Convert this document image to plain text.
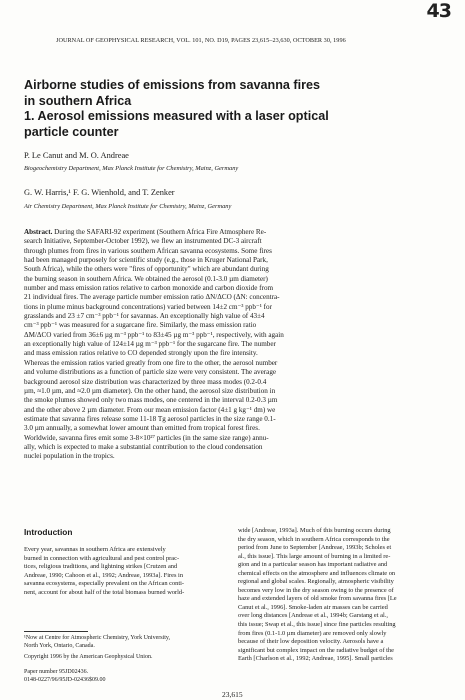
43
JOURNAL OF GEOPHYSICAL RESEARCH, VOL. 101, NO. D19, PAGES 23,615–23,630, OCTOBER 30, 1996
Airborne studies of emissions from savanna fires
in southern Africa
1. Aerosol emissions measured with a laser optical
particle counter
P. Le Canut and M. O. Andreae
Biogeochemistry Department, Max Planck Institute for Chemistry, Mainz, Germany
G. W. Harris,¹ F. G. Wienhold, and T. Zenker
Air Chemistry Department, Max Planck Institute for Chemistry, Mainz, Germany
Abstract. During the SAFARI-92 experiment (Southern Africa Fire Atmosphere Re-
search Initiative, September-October 1992), we flew an instrumented DC-3 aircraft
through plumes from fires in various southern African savanna ecosystems. Some fires
had been managed purposely for scientific study (e.g., those in Kruger National Park,
South Africa), while the others were "fires of opportunity" which are abundant during
the burning season in southern Africa. We obtained the aerosol (0.1-3.0 µm diameter)
number and mass emission ratios relative to carbon monoxide and carbon dioxide from
21 individual fires. The average particle number emission ratio ΔN/ΔCO (ΔN: concentra-
tions in plume minus background concentrations) varied between 14±2 cm⁻³ ppb⁻¹ for
grasslands and 23 ±7 cm⁻³ ppb⁻¹ for savannas. An exceptionally high value of 43±4
cm⁻³ ppb⁻¹ was measured for a sugarcane fire. Similarly, the mass emission ratio
ΔM/ΔCO varied from 36±6 µg m⁻³ ppb⁻¹ to 83±45 µg m⁻³ ppb⁻¹, respectively, with again
an exceptionally high value of 124±14 µg m⁻³ ppb⁻¹ for the sugarcane fire. The number
and mass emission ratios relative to CO depended strongly upon the fire intensity.
Whereas the emission ratios varied greatly from one fire to the other, the aerosol number
and volume distributions as a function of particle size were very consistent. The average
background aerosol size distribution was characterized by three mass modes (0.2-0.4
µm, ≈1.0 µm, and ≈2.0 µm diameter). On the other hand, the aerosol size distribution in
the smoke plumes showed only two mass modes, one centered in the interval 0.2-0.3 µm
and the other above 2 µm diameter. From our mean emission factor (4±1 g kg⁻¹ dm) we
estimate that savanna fires release some 11-18 Tg aerosol particles in the size range 0.1-
3.0 µm annually, a somewhat lower amount than emitted from tropical forest fires.
Worldwide, savanna fires emit some 3-8×10²⁷ particles (in the same size range) annu-
ally, which is expected to make a substantial contribution to the cloud condensation
nuclei population in the tropics.
Introduction
Every year, savannas in southern Africa are extensively
burned in connection with agricultural and pest control prac-
tices, religious traditions, and lightning strikes [Crutzen and
Andreae, 1990; Cahoon et al., 1992; Andreae, 1993a]. Fires in
savanna ecosystems, especially prevalent on the African conti-
nent, account for about half of the total biomass burned world-
wide [Andreae, 1993a]. Much of this burning occurs during
the dry season, which in southern Africa corresponds to the
period from June to September [Andreae, 1993b; Scholes et
al., this issue]. This large amount of burning in a limited re-
gion and in a particular season has important radiative and
chemical effects on the atmosphere and influences climate on
regional and global scales. Regionally, atmospheric visibility
becomes very low in the dry season owing to the presence of
haze and extended layers of old smoke from savanna fires [Le
Canut et al., 1996]. Smoke-laden air masses can be carried
over long distances [Andreae et al., 1994b; Garstang et al.,
this issue; Swap et al., this issue] since fine particles resulting
from fires (0.1-1.0 µm diameter) are removed only slowly
because of their low deposition velocity. Aerosols have a
significant but complex impact on the radiative budget of the
Earth [Charlson et al., 1992; Andreae, 1995]. Small particles
¹Now at Centre for Atmospheric Chemistry, York University,
North York, Ontario, Canada.
Copyright 1996 by the American Geophysical Union.
Paper number 95JD02436.
0148-0227/96/95JD-02436$09.00
23,615
